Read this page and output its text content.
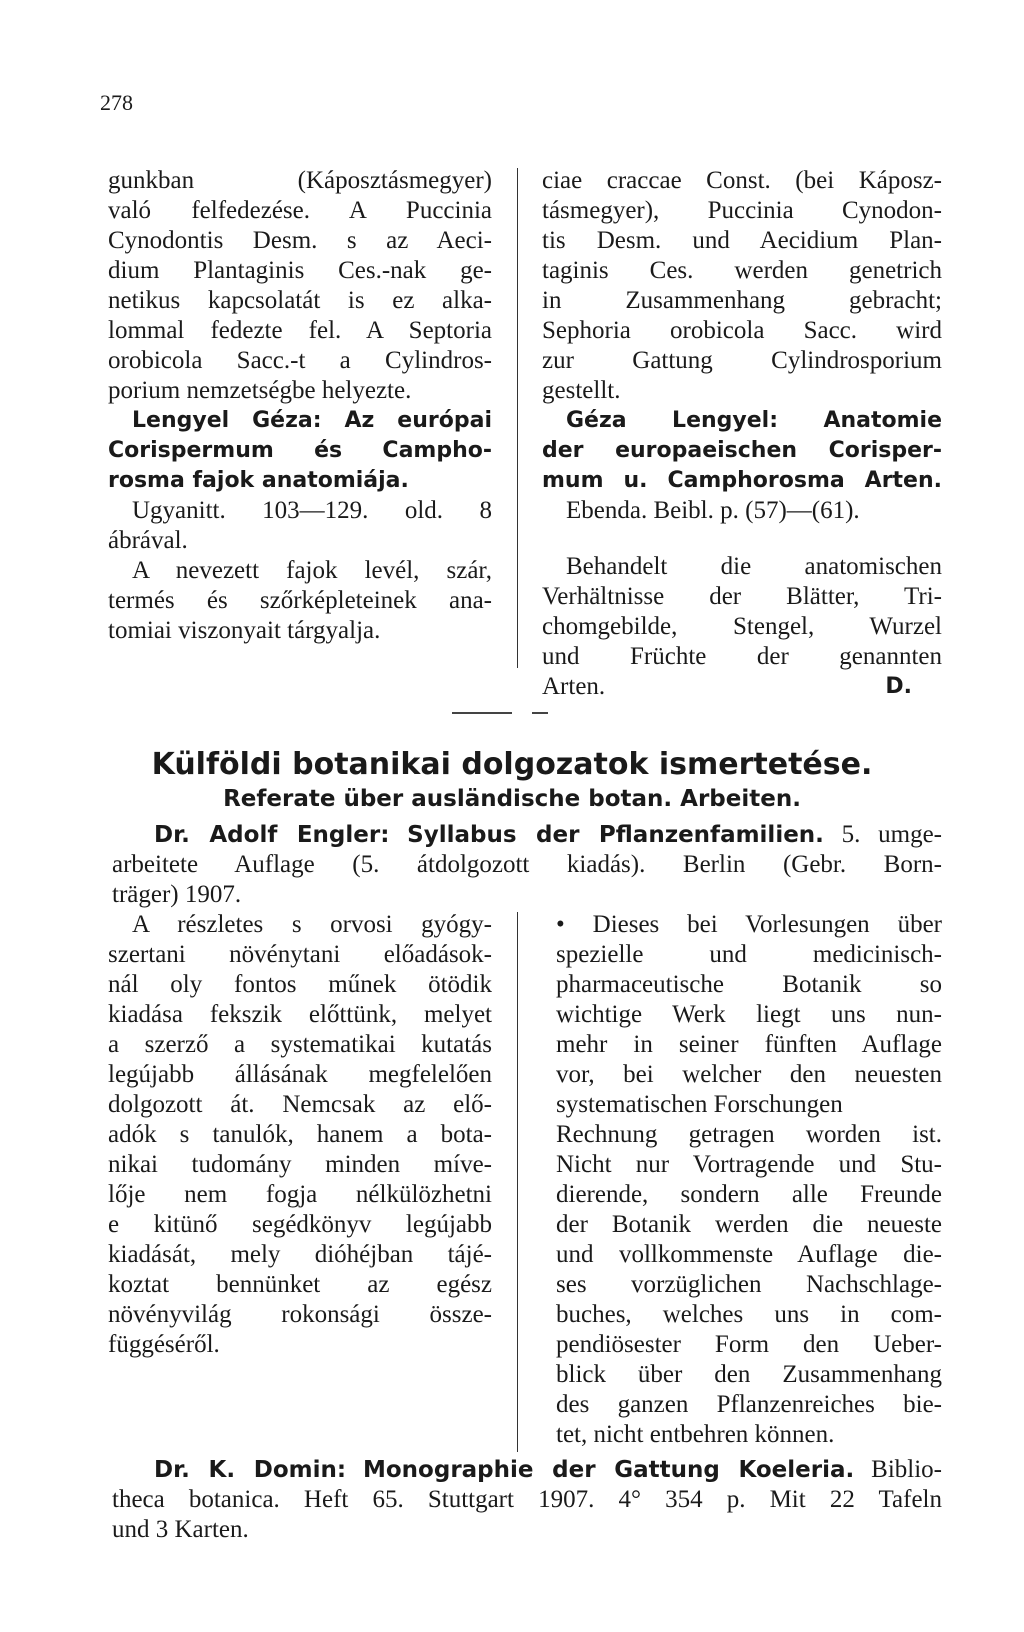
278
gunkban (Káposztásmegyer)
való felfedezése. A Puccinia
Cynodontis Desm. s az Aeci-
dium Plantaginis Ces.-nak ge-
netikus kapcsolatát is ez alka-
lommal fedezte fel. A Septoria
orobicola Sacc.-t a Cylindros-
porium nemzetségbe helyezte.
Lengyel Géza: Az európai
Corispermum és Campho-
rosma fajok anatomiája.
Ugyanitt. 103—129. old. 8
ábrával.
A nevezett fajok levél, szár,
termés és szőrképleteinek ana-
tomiai viszonyait tárgyalja.
ciae craccae Const. (bei Káposz-
tásmegyer), Puccinia Cynodon-
tis Desm. und Aecidium Plan-
taginis Ces. werden genetrich
in Zusammenhang gebracht;
Sephoria orobicola Sacc. wird
zur Gattung Cylindrosporium
gestellt.
Géza Lengyel: Anatomie
der europaeischen Corisper-
mum u. Camphorosma Arten.
Ebenda. Beibl. p. (57)—(61).
Behandelt die anatomischen
Verhältnisse der Blätter, Tri-
chomgebilde, Stengel, Wurzel
und Früchte der genannten
Arten.	D.
Külföldi botanikai dolgozatok ismertetése.
Referate über ausländische botan. Arbeiten.
Dr. Adolf Engler: Syllabus der Pflanzenfamilien. 5. umge-
arbeitete Auflage (5. átdolgozott kiadás). Berlin (Gebr. Born-
träger) 1907.
A részletes s orvosi gyógy-
szertani növénytani előadások-
nál oly fontos műnek ötödik
kiadása fekszik előttünk, melyet
a szerző a systematikai kutatás
legújabb állásának megfelelően
dolgozott át. Nemcsak az elő-
adók s tanulók, hanem a bota-
nikai tudomány minden míve-
lője nem fogja nélkülözhetni
e kitünő segédkönyv legújabb
kiadását, mely dióhéjban tájé-
koztat bennünket az egész
növényvilág rokonsági össze-
függéséről.
• Dieses bei Vorlesungen über
spezielle und medicinisch-
pharmaceutische Botanik so
wichtige Werk liegt uns nun-
mehr in seiner fünften Auflage
vor, bei welcher den neuesten
systematischen Forschungen
Rechnung getragen worden ist.
Nicht nur Vortragende und Stu-
dierende, sondern alle Freunde
der Botanik werden die neueste
und vollkommenste Auflage die-
ses vorzüglichen Nachschlage-
buches, welches uns in com-
pendiösester Form den Ueber-
blick über den Zusammenhang
des ganzen Pflanzenreiches bie-
tet, nicht entbehren können.
Dr. K. Domin: Monographie der Gattung Koeleria. Biblio-
theca botanica. Heft 65. Stuttgart 1907. 4° 354 p. Mit 22 Tafeln
und 3 Karten.
